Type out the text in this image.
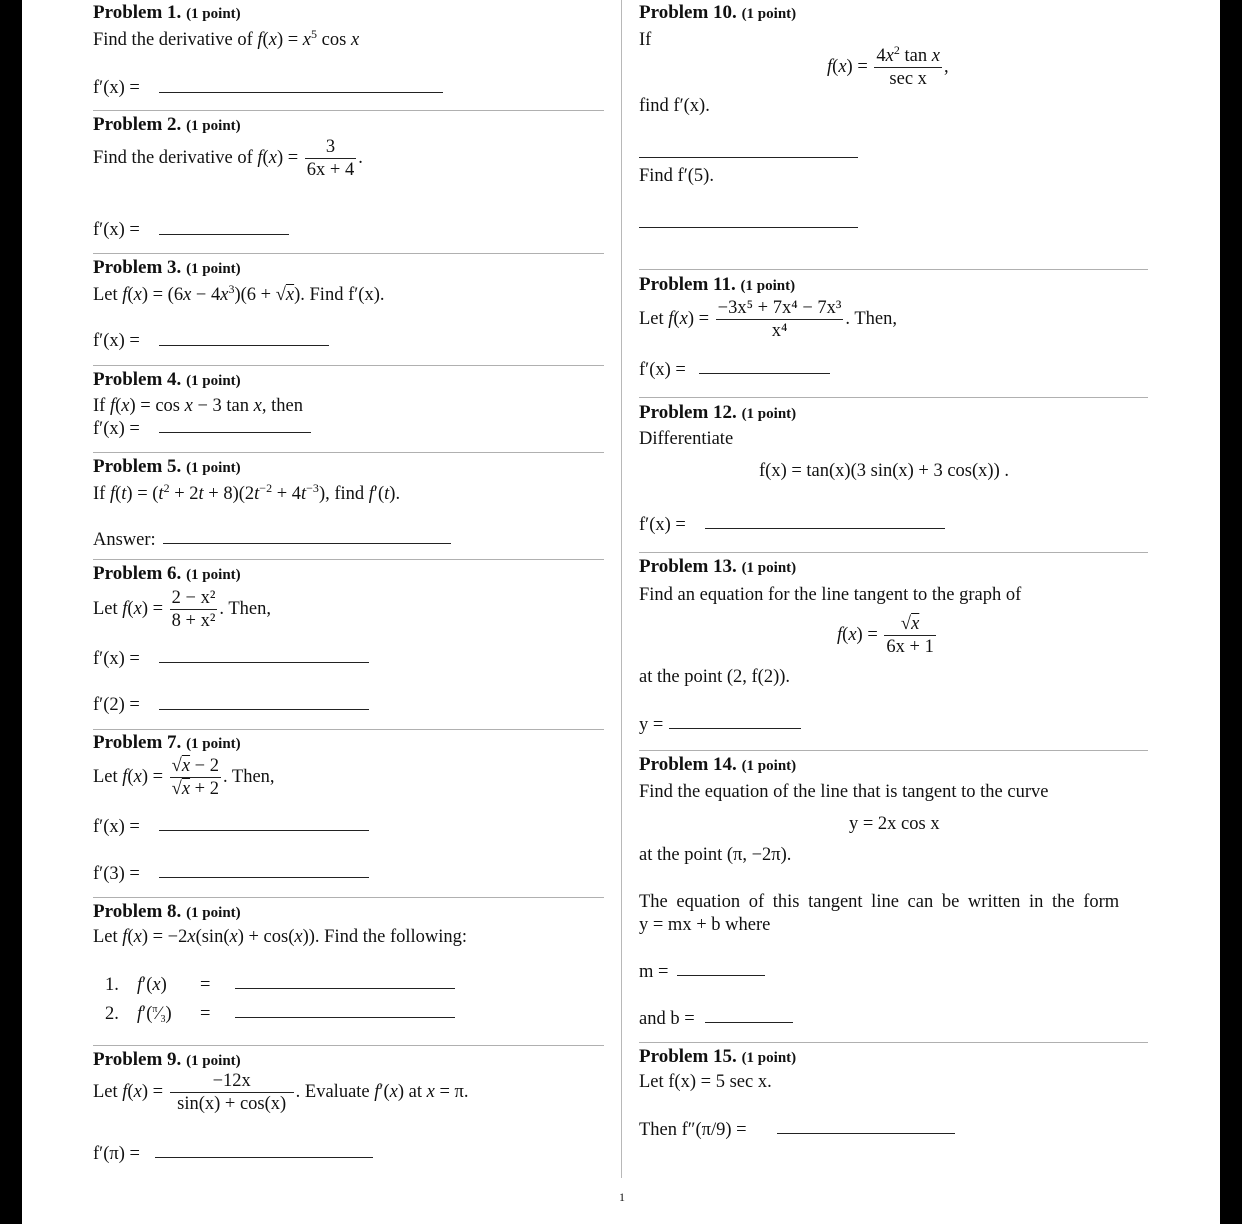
Problem 1. (1 point)
Find the derivative of $f(x) = x^5$ cos x
f′(x) =
Problem 2. (1 point)
Find the derivative of $f(x) = \frac{3}{6x + 4}$ .
f′(x) =
Problem 3. (1 point)
Let $f(x) = (6x - 4x^3)(6 + √x)$. Find f′(x).
f′(x) =
Problem 4. (1 point)
If f(x) = cos x − 3 tan x, then
f′(x) =
Problem 5. (1 point)
If $f(t) = (t^2 + 2t + 8)(2t^{-2} + 4t^{-3})$, find f′(t).
Answer:
Problem 6. (1 point)
Let $f(x) = \frac{\text{2 − x²}}{\text{8 + x²}}$ . Then,
f′(x) =
f′(2) =
Problem 7. (1 point)
Let $f(x) = \frac{√x - 2}{√x + 2}$ . Then,
f′(x) =
f′(3) =
Problem 8. (1 point)
Let f(x) = −2x(sin(x) + cos(x)). Find the following:
1. f′(x) =
2. f′($^\pi$⁄3) =
Problem 9. (1 point)
Let $f(x) = \frac{-12x}{\sin(x) + \cos(x)}$ . Evaluate f′(x) at x = π.
f′(π) =
Problem 10. (1 point)
If
$f(x) = \frac{4x^2 \tan x}{\text{sec x}}$ ,
find f′(x).
Find f′(5).
Problem 11. (1 point)
Let $f(x) = \frac{\text{−3x⁵ + 7x⁴ − 7x³}}{\text{x⁴}}$ . Then,
f′(x) =
Problem 12. (1 point)
Differentiate
f(x) = tan(x)(3 sin(x) + 3 cos(x)) .
f′(x) =
Problem 13. (1 point)
Find an equation for the line tangent to the graph of
$f(x) = \frac{√x}{6x + 1}$
at the point (2, f(2)).
y =
Problem 14. (1 point)
Find the equation of the line that is tangent to the curve
y = 2x cos x
at the point (π, −2π).
The equation of this tangent line can be written in the form
y = mx + b where
m =
and b =
Problem 15. (1 point)
Let f(x) = 5 sec x.
Then f″(π/9) =
1
